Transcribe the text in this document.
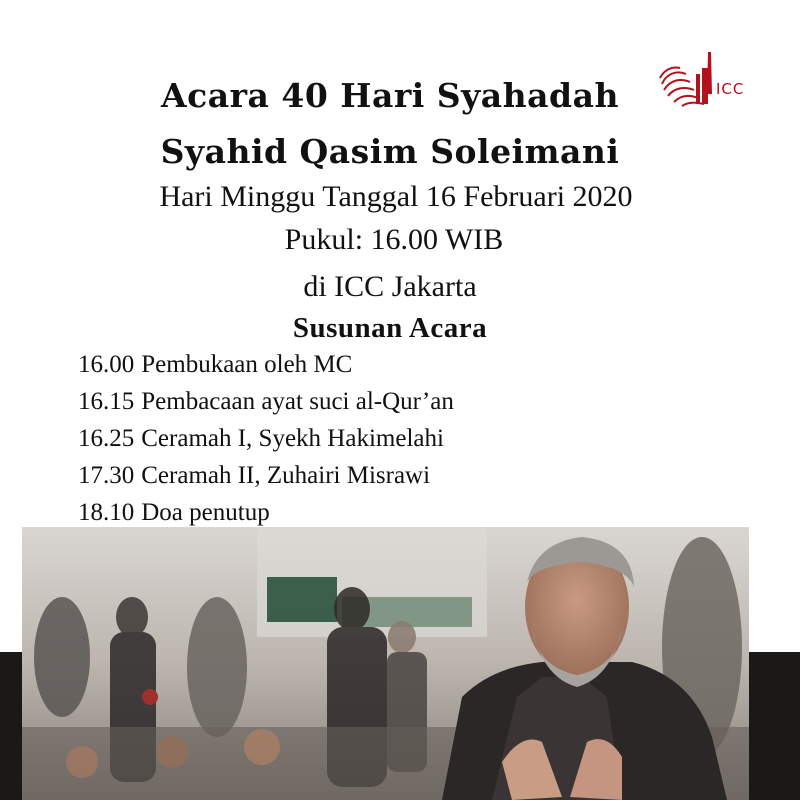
Acara 40 Hari Syahadah
Syahid Qasim Soleimani
ICC
Hari Minggu Tanggal 16 Februari 2020
Pukul: 16.00 WIB
di ICC Jakarta
Susunan Acara
16.00 Pembukaan oleh MC
16.15 Pembacaan ayat suci al-Qur’an
16.25 Ceramah I, Syekh Hakimelahi
17.30 Ceramah II, Zuhairi Misrawi
18.10 Doa penutup
